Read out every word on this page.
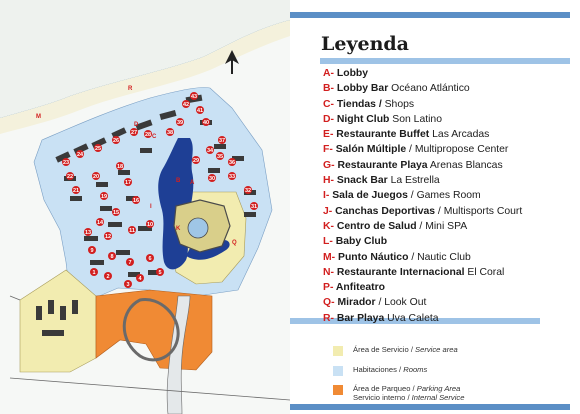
R
M
D
C
B A
K
I
Q
43
42
41
40
39
38
37
36
35
34
33
32
31
30
29
28
27
26
25
24
23
22
21
20
19
18
17
16
15
14
13
12
11
10
9
8
7
6
5
4
3
2
1
Leyenda
A- Lobby
B- Lobby Bar Océano Atlántico
C- Tiendas / Shops
D- Night Club Son Latino
E- Restaurante Buffet Las Arcadas
F- Salón Múltiple / Multipropose Center
G- Restaurante Playa Arenas Blancas
H- Snack Bar La Estrella
I- Sala de Juegos / Games Room
J- Canchas Deportivas / Multisports Court
K- Centro de Salud / Mini SPA
L- Baby Club
M- Punto Náutico / Nautic Club
N- Restaurante Internacional El Coral
P- Anfiteatro
Q- Mirador / Look Out
R- Bar Playa Uva Caleta
Área de Servicio / Service area
Habitaciones / Rooms
Área de Parqueo / Parking Area
Servicio interno / Internal Service
